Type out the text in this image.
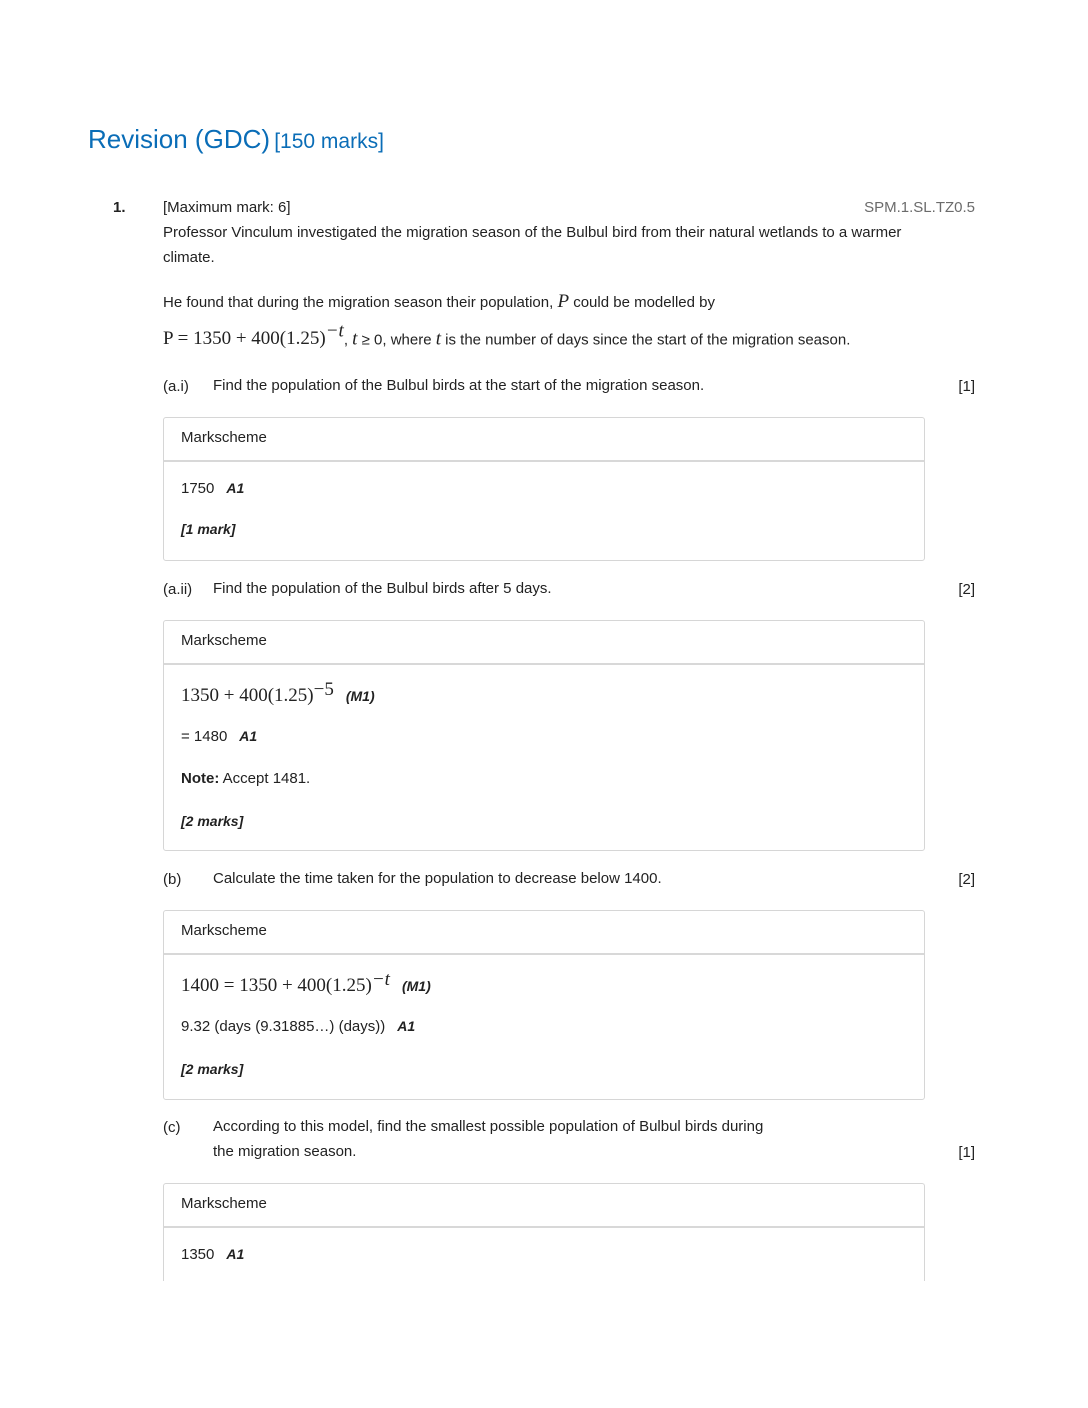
Revision (GDC) [150 marks]
1. [Maximum mark: 6]	SPM.1.SL.TZ0.5
Professor Vinculum investigated the migration season of the Bulbul bird from their natural wetlands to a warmer climate.
He found that during the migration season their population, P could be modelled by
$P = 1350 + 400(1.25)^{-t}$, t ≥ 0, where t is the number of days since the start of the migration season.
(a.i) Find the population of the Bulbul birds at the start of the migration season.	[1]
Markscheme
1750 A1
[1 mark]
(a.ii) Find the population of the Bulbul birds after 5 days.	[2]
Markscheme
$1350 + 400(1.25)^{-5}$ (M1)
= 1480 A1
Note: Accept 1481.
[2 marks]
(b) Calculate the time taken for the population to decrease below 1400.	[2]
Markscheme
$1400 = 1350 + 400(1.25)^{-t}$ (M1)
9.32 (days (9.31885…) (days)) A1
[2 marks]
(c) According to this model, find the smallest possible population of Bulbul birds during
the migration season.	[1]
Markscheme
1350 A1
